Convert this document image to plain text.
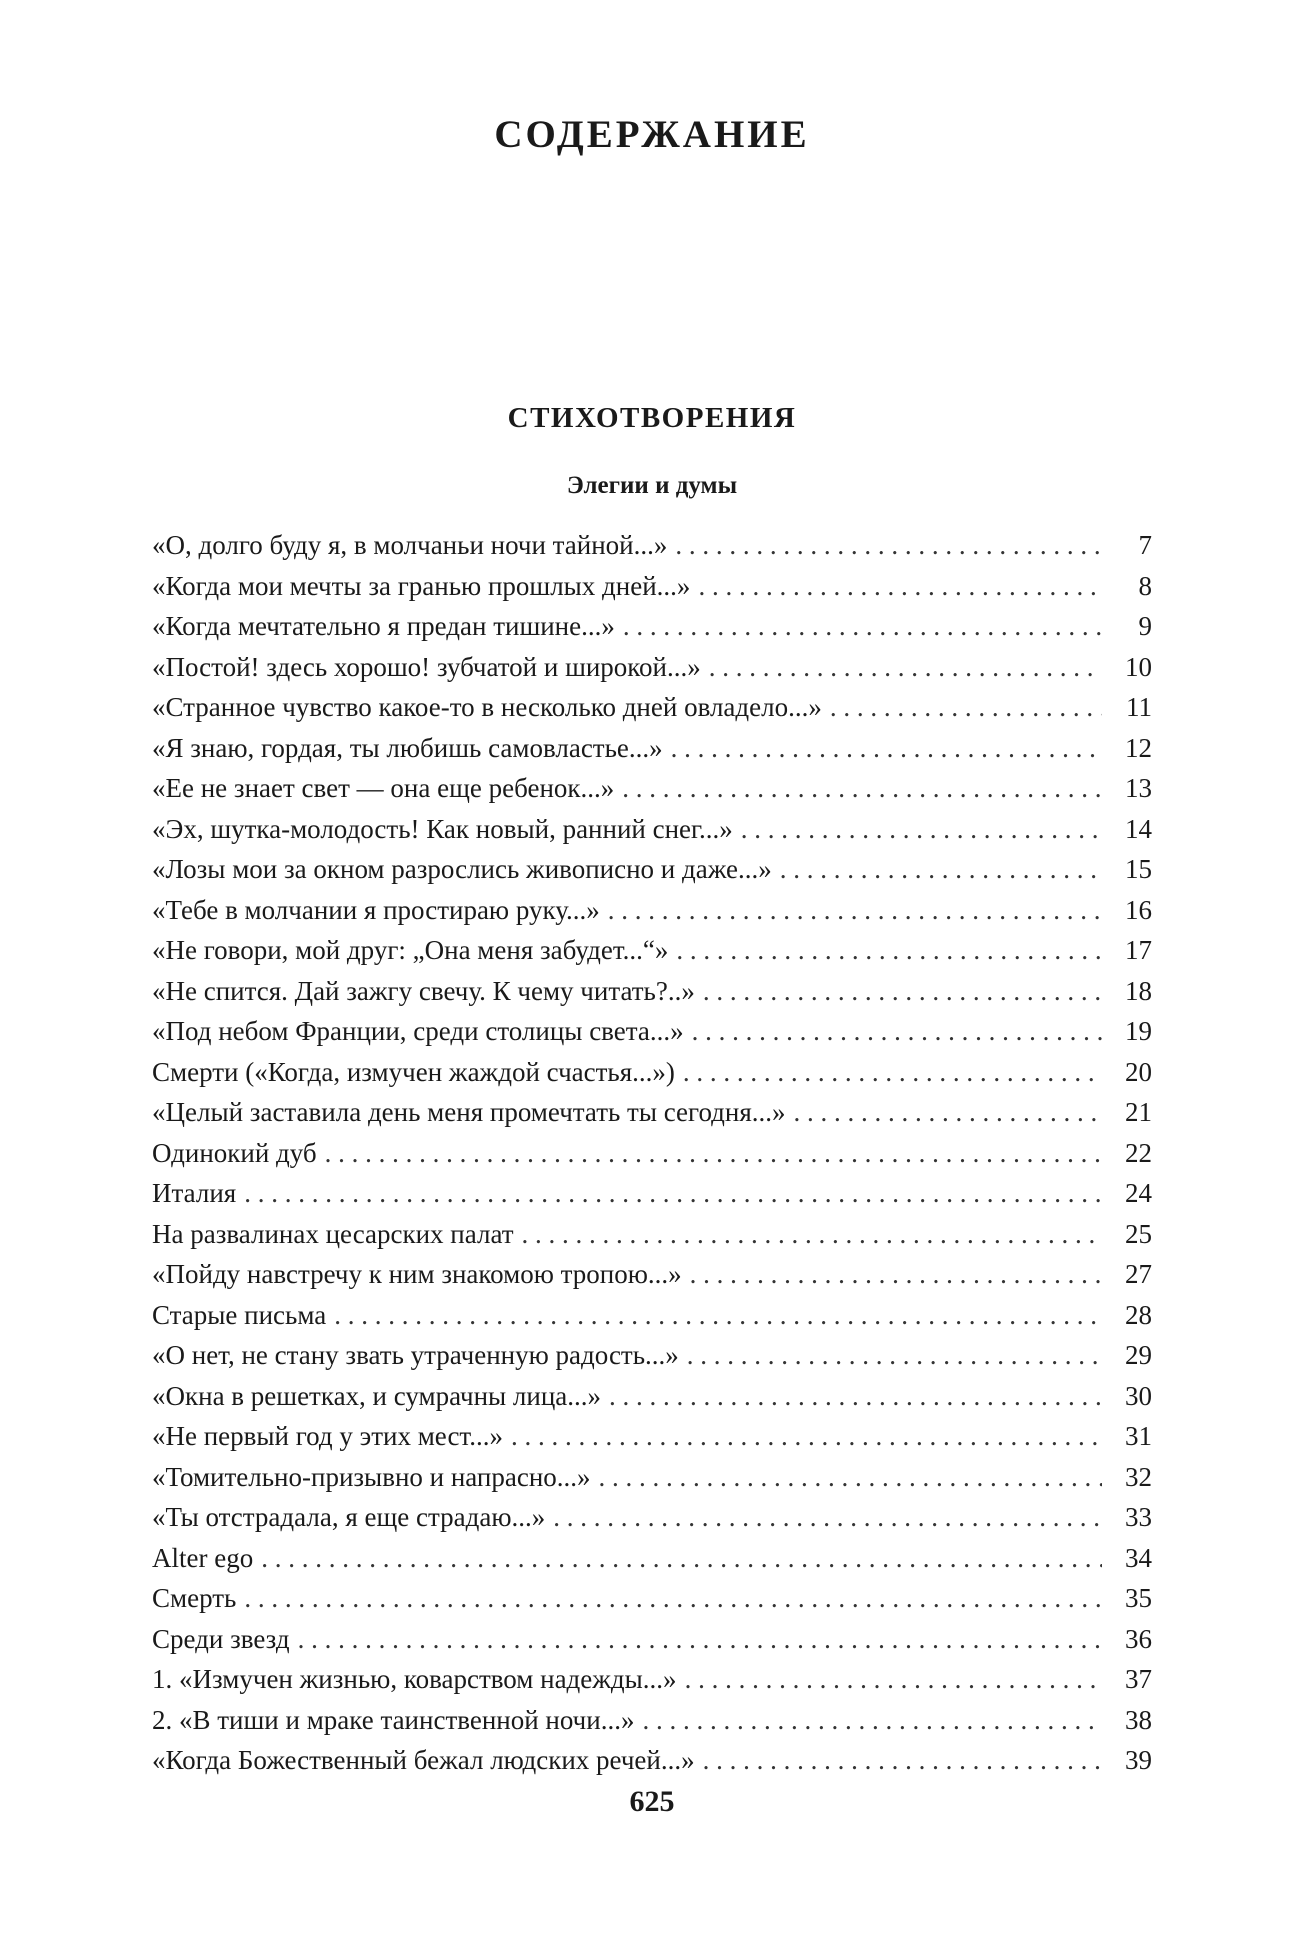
СОДЕРЖАНИЕ
СТИХОТВОРЕНИЯ
Элегии и думы
«О, долго буду я, в молчаньи ночи тайной...» . . .	7
«Когда мои мечты за гранью прошлых дней...» . . .	8
«Когда мечтательно я предан тишине...» . . .	9
«Постой! здесь хорошо! зубчатой и широкой...» . . .	10
«Странное чувство какое-то в несколько дней овладело...» . . .	11
«Я знаю, гордая, ты любишь самовластье...» . . .	12
«Ее не знает свет — она еще ребенок...» . . .	13
«Эх, шутка-молодость! Как новый, ранний снег...» . . .	14
«Лозы мои за окном разрослись живописно и даже...» . . .	15
«Тебе в молчании я простираю руку...» . . .	16
«Не говори, мой друг: „Она меня забудет...“» . . .	17
«Не спится. Дай зажгу свечу. К чему читать?..» . . .	18
«Под небом Франции, среди столицы света...» . . .	19
Смерти («Когда, измучен жаждой счастья...») . . .	20
«Целый заставила день меня промечтать ты сегодня...» . . .	21
Одинокий дуб . . .	22
Италия . . .	24
На развалинах цесарских палат . . .	25
«Пойду навстречу к ним знакомою тропою...» . . .	27
Старые письма . . .	28
«О нет, не стану звать утраченную радость...» . . .	29
«Окна в решетках, и сумрачны лица...» . . .	30
«Не первый год у этих мест...» . . .	31
«Томительно-призывно и напрасно...» . . .	32
«Ты отстрадала, я еще страдаю...» . . .	33
Alter ego . . .	34
Смерть . . .	35
Среди звезд . . .	36
1. «Измучен жизнью, коварством надежды...» . . .	37
2. «В тиши и мраке таинственной ночи...» . . .	38
«Когда Божественный бежал людских речей...» . . .	39
625
